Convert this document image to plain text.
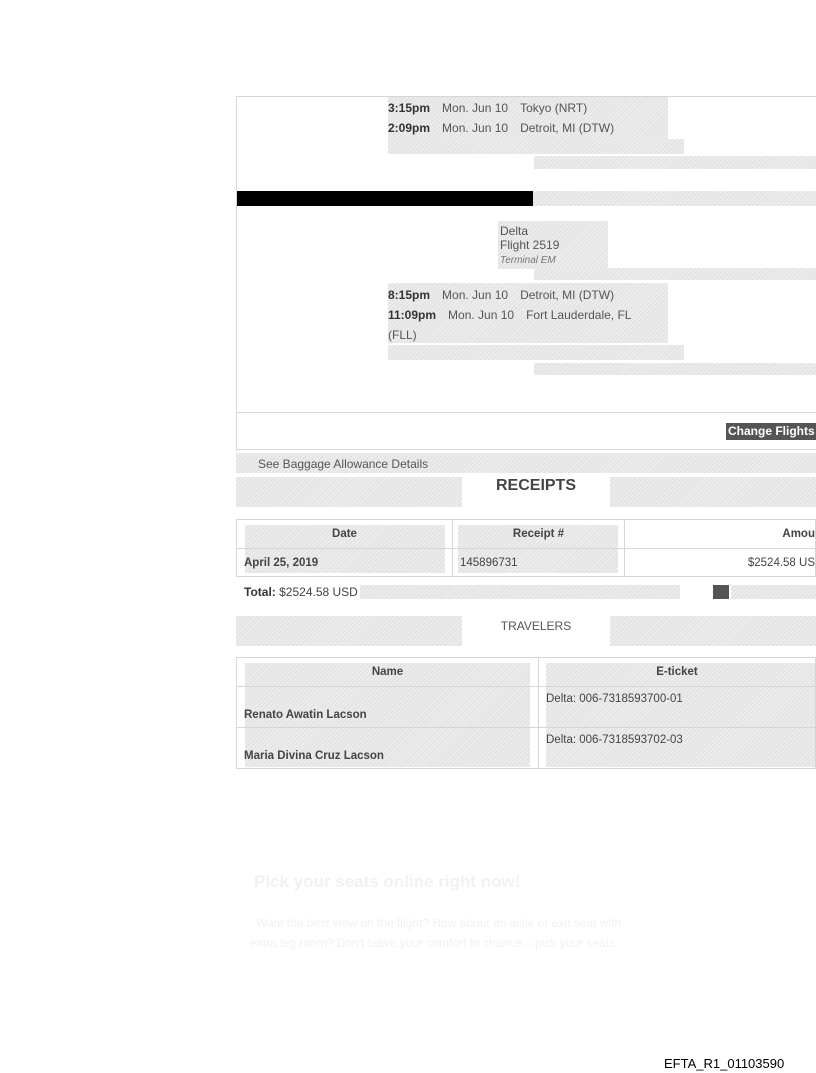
3:15pm Mon. Jun 10 Tokyo (NRT)
2:09pm Mon. Jun 10 Detroit, MI (DTW)
Delta
Flight 2519
Terminal EM
8:15pm Mon. Jun 10 Detroit, MI (DTW)
11:09pm Mon. Jun 10 Fort Lauderdale, FL
(FLL)
Change Flights
See Baggage Allowance Details
RECEIPTS
Date	Receipt #	Amou
April 25, 2019	145896731	$2524.58 US
Total: $2524.58 USD
TRAVELERS
Name	E-ticket
Renato Awatin Lacson	Delta: 006-7318593700-01
Maria Divina Cruz Lacson	Delta: 006-7318593702-03
Pick your seats online right now!
Want the best view on the flight? How about an aisle or exit seat with
extra leg room? Don't leave your comfort to chance – pick your seats
EFTA_R1_01103590
